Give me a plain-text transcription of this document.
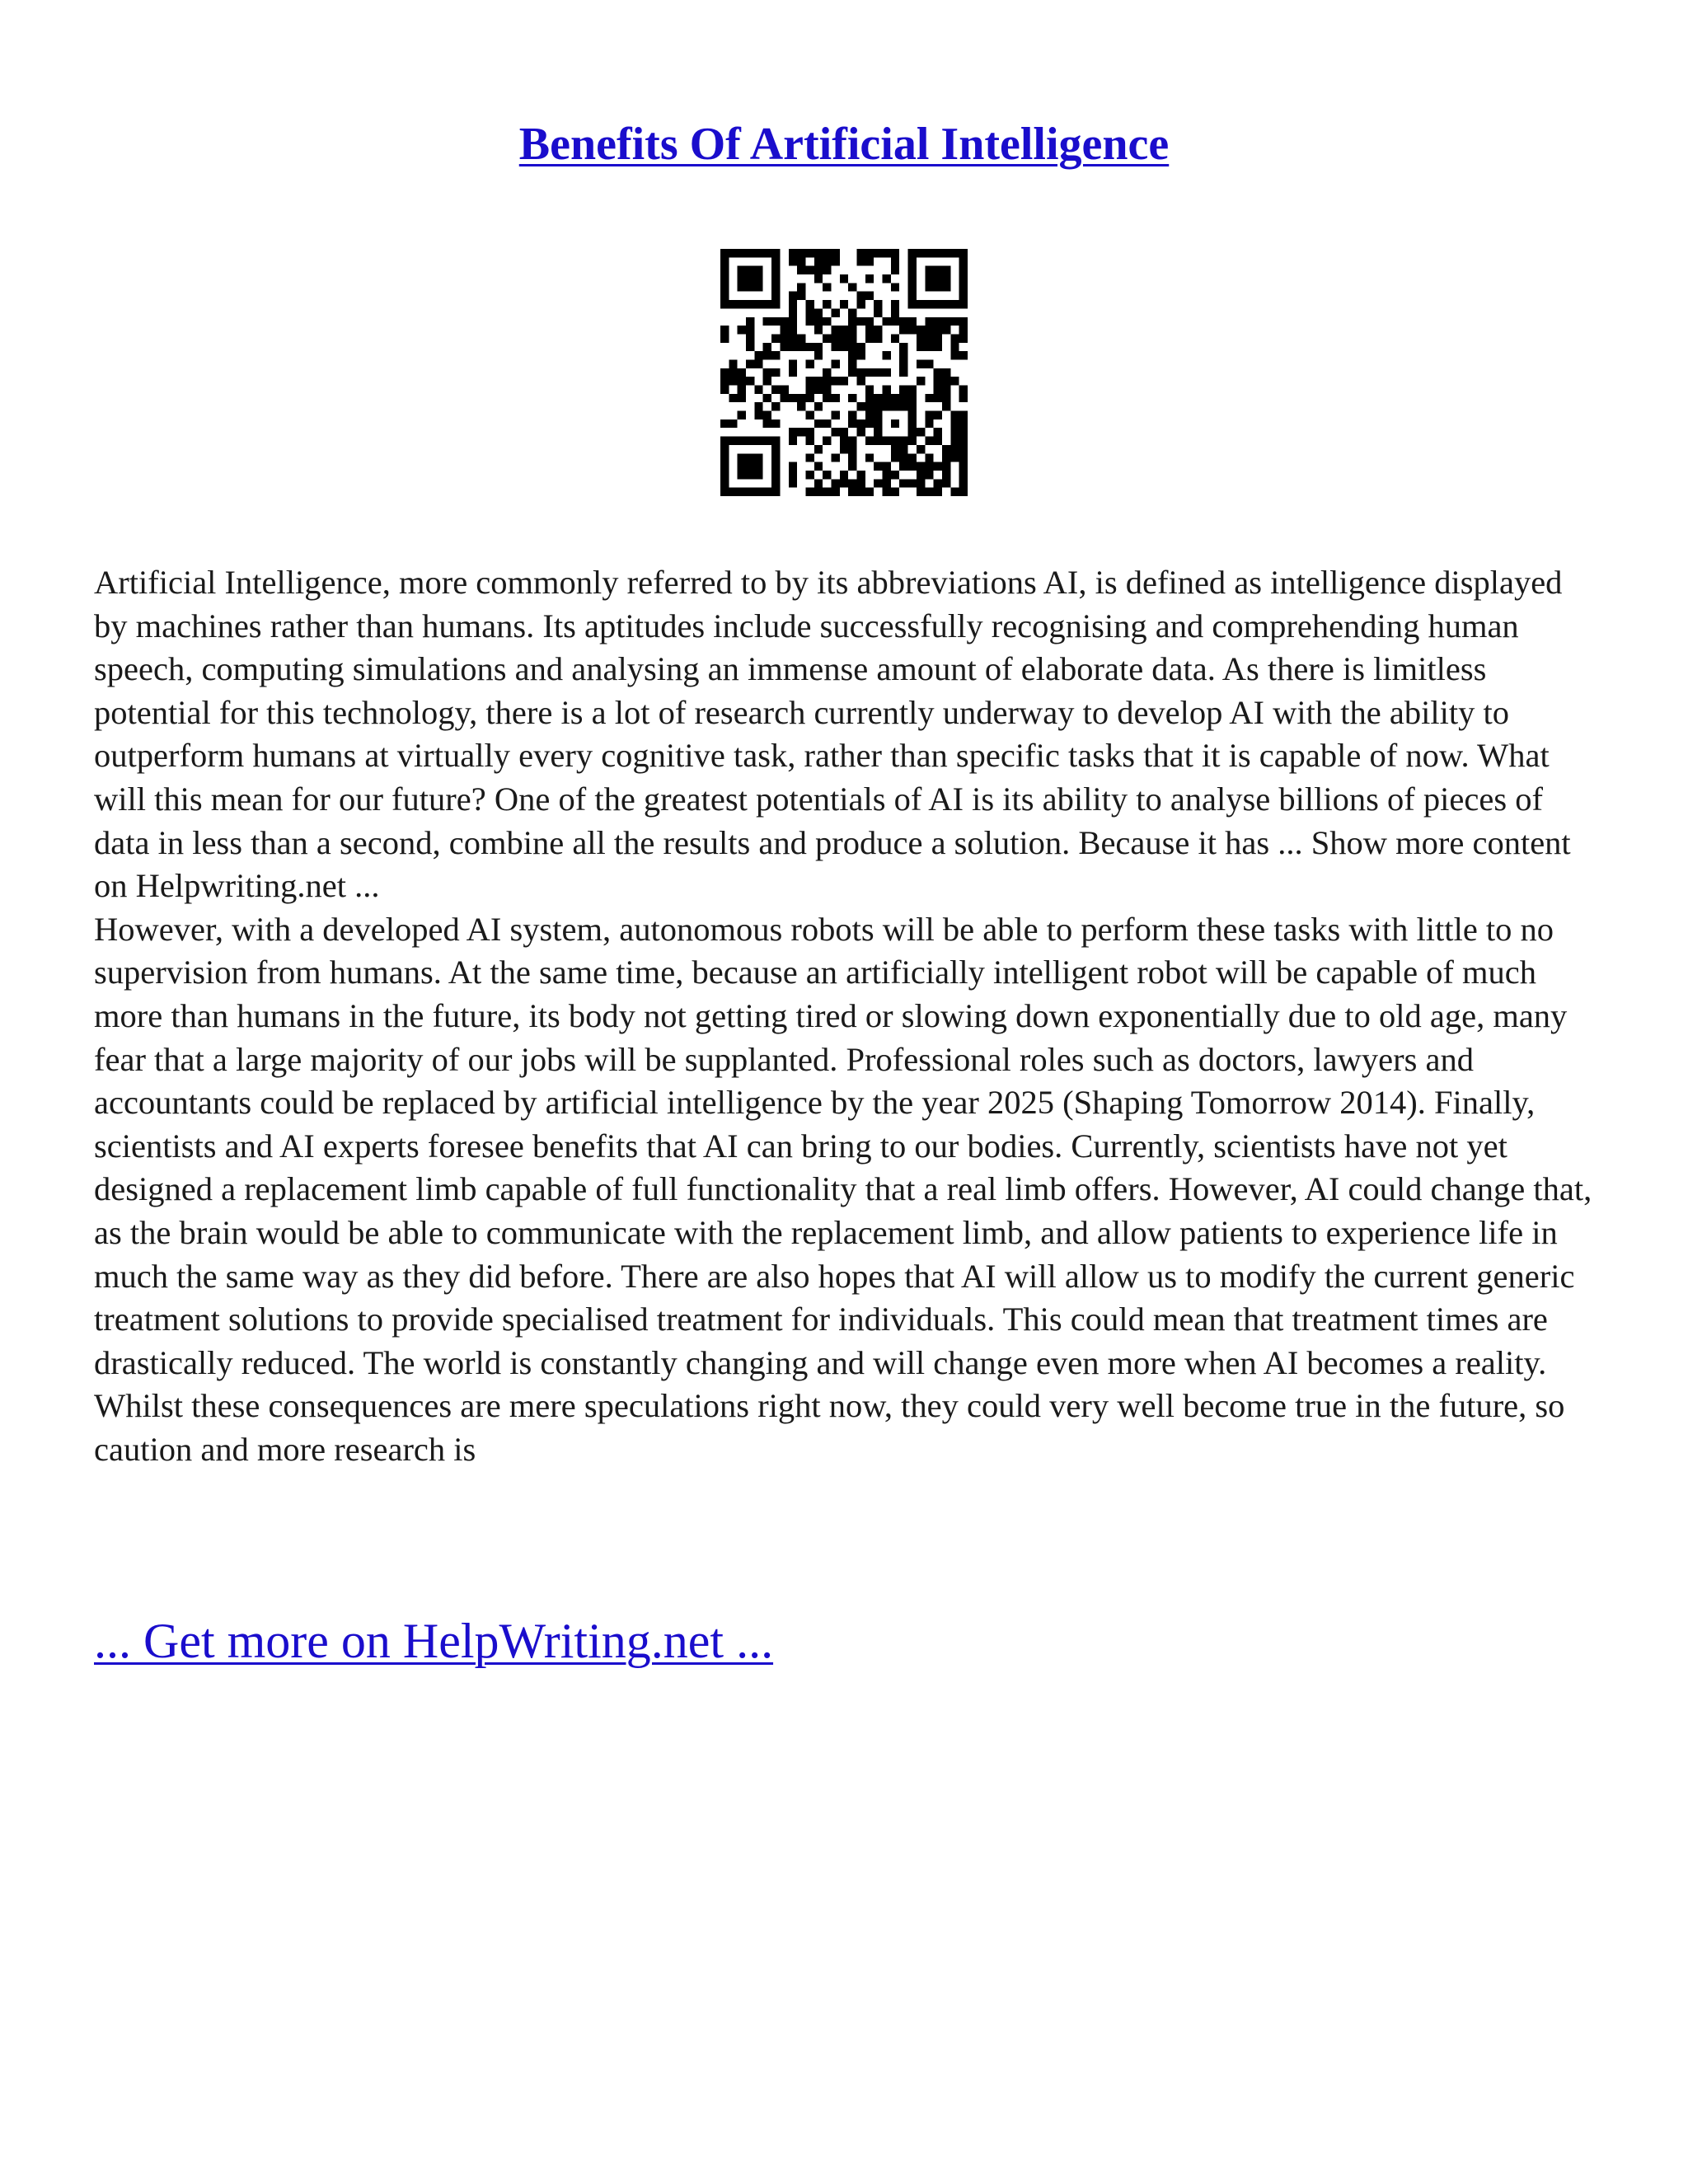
Benefits Of Artificial Intelligence

Artificial Intelligence, more commonly referred to by its abbreviations AI, is defined as intelligence displayed by machines rather than humans. Its aptitudes include successfully recognising and comprehending human speech, computing simulations and analysing an immense amount of elaborate data. As there is limitless potential for this technology, there is a lot of research currently underway to develop AI with the ability to outperform humans at virtually every cognitive task, rather than specific tasks that it is capable of now. What will this mean for our future? One of the greatest potentials of AI is its ability to analyse billions of pieces of data in less than a second, combine all the results and produce a solution. Because it has ... Show more content on Helpwriting.net ...

However, with a developed AI system, autonomous robots will be able to perform these tasks with little to no supervision from humans. At the same time, because an artificially intelligent robot will be capable of much more than humans in the future, its body not getting tired or slowing down exponentially due to old age, many fear that a large majority of our jobs will be supplanted. Professional roles such as doctors, lawyers and accountants could be replaced by artificial intelligence by the year 2025 (Shaping Tomorrow 2014). Finally, scientists and AI experts foresee benefits that AI can bring to our bodies. Currently, scientists have not yet designed a replacement limb capable of full functionality that a real limb offers. However, AI could change that, as the brain would be able to communicate with the replacement limb, and allow patients to experience life in much the same way as they did before. There are also hopes that AI will allow us to modify the current generic treatment solutions to provide specialised treatment for individuals. This could mean that treatment times are drastically reduced. The world is constantly changing and will change even more when AI becomes a reality. Whilst these consequences are mere speculations right now, they could very well become true in the future, so caution and more research is

... Get more on HelpWriting.net ...
